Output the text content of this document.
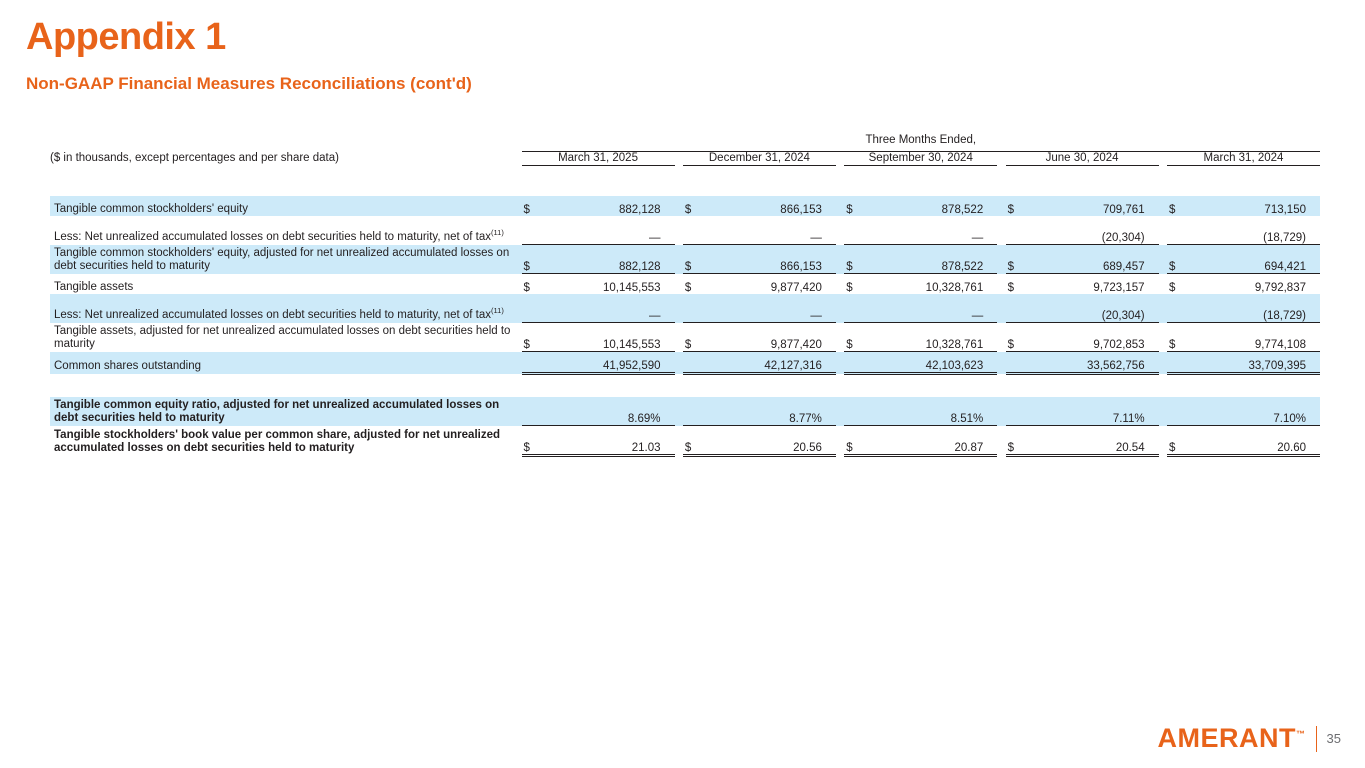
Appendix 1
Non-GAAP Financial Measures Reconciliations (cont'd)
	Three Months Ended,													

($ in thousands, except percentages and per share data)	March 31, 2025			December 31, 2024			September 30, 2024			June 30, 2024			March 31, 2024	

Tangible common stockholders' equity	$	882,128		$	866,153		$	878,522		$	709,761		$	713,150
Less: Net unrealized accumulated losses on debt securities held to maturity, net of tax$^{(11)}$		—			—			—			(20,304)			(18,729)
Tangible common stockholders' equity, adjusted for net unrealized accumulated losses on debt securities held to maturity	$	882,128		$	866,153		$	878,522		$	689,457		$	694,421
Tangible assets	$	10,145,553		$	9,877,420		$	10,328,761		$	9,723,157		$	9,792,837
Less: Net unrealized accumulated losses on debt securities held to maturity, net of tax$^{(11)}$		—			—			—			(20,304)			(18,729)
Tangible assets, adjusted for net unrealized accumulated losses on debt securities held to maturity	$	10,145,553		$	9,877,420		$	10,328,761		$	9,702,853		$	9,774,108
Common shares outstanding		41,952,590			42,127,316			42,103,623			33,562,756			33,709,395

Tangible common equity ratio, adjusted for net unrealized accumulated losses on debt securities held to maturity		8.69%			8.77%			8.51%			7.11%			7.10%
Tangible stockholders' book value per common share, adjusted for net unrealized accumulated losses on debt securities held to maturity	$	21.03		$	20.56		$	20.87		$	20.54		$	20.60
AMERANT™ 35
